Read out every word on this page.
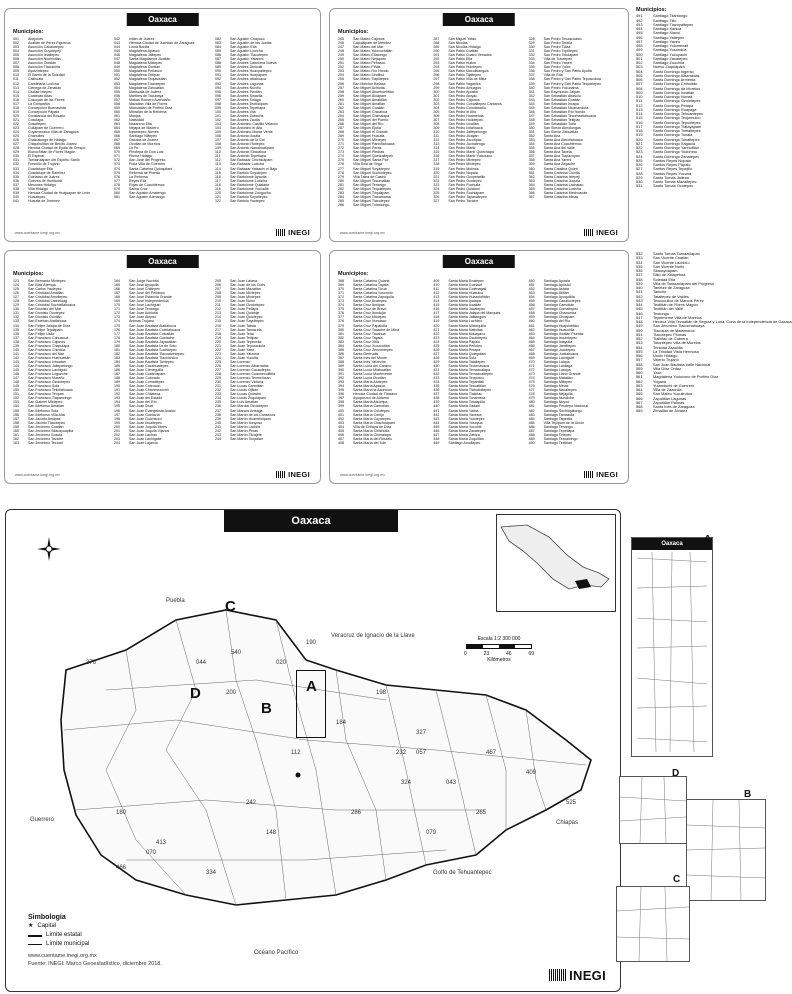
Oaxaca
Municipios:
001	Abejones
002	Acatlán de Pérez Figueroa
003	Asunción Cacalotepec
004	Asunción Cuyotepeji
005	Asunción Ixtaltepec
006	Asunción Nochixtlán
007	Asunción Ocotlán
008	Asunción Tlacolulita
009	Ayotzintepec
010	El Barrio de la Soledad
011	Calihualá
012	Candelaria Loxicha
013	Ciénega de Zimatlán
014	Ciudad Ixtepec
015	Coatecas Altas
016	Coicoyán de las Flores
017	La Compañía
018	Concepción Buenavista
019	Concepción Pápalo
020	Constancia del Rosario
021	Cosolapa
022	Cosoltepec
023	Cuilápam de Guerrero
024	Cuyamecalco Villa de Zaragoza
025	Chahuites
026	Chalcatongo de Hidalgo
027	Chiquihuitlán de Benito Juárez
028	Heroica Ciudad de Ejutla de Crespo
029	Eloxochitlán de Flores Magón
030	El Espinal
031	Tamazulápam del Espíritu Santo
032	Fresnillo de Trujano
033	Guadalupe Etla
034	Guadalupe de Ramírez
035	Guelatao de Juárez
036	Guevea de Humboldt
037	Mesones Hidalgo
038	Villa Hidalgo
039	Heroica Ciudad de Huajuapan de León
040	Huautepec
041	Huautla de Jiménez
042	Ixtlán de Juárez
043	Heroica Ciudad de Juchitán de Zaragoza
044	Loma Bonita
045	Magdalena Apasco
046	Magdalena Jaltepec
047	Santa Magdalena Jicotlán
048	Magdalena Mixtepec
049	Magdalena Ocotlán
050	Magdalena Peñasco
051	Magdalena Teitipac
052	Magdalena Tequisistlán
053	Magdalena Tlacotepec
054	Magdalena Zahuatlán
055	Mariscala de Juárez
056	Mártires de Tacubaya
057	Matías Romero Avendaño
058	Mazatlán Villa de Flores
059	Miahuatlán de Porfirio Díaz
060	Mixistlán de la Reforma
061	Monjas
062	Natividad
063	Nazareno Etla
064	Nejapa de Madero
065	Ixpantepec Nieves
066	Santiago Niltepec
067	Oaxaca de Juárez
068	Ocotlán de Morelos
069	La Pe
070	Pinotepa de Don Luis
071	Pluma Hidalgo
072	San José del Progreso
073	Putla Villa de Guerrero
074	Santa Catarina Quioquitani
075	Reforma de Pineda
076	La Reforma
077	Reyes Etla
078	Rojas de Cuauhtémoc
079	Salina Cruz
080	San Agustín Amatengo
081	San Agustín Atenango
082	San Agustín Chayuco
083	San Agustín de las Juntas
084	San Agustín Etla
085	San Agustín Loxicha
086	San Agustín Tlacotepec
087	San Agustín Yatareni
088	San Andrés Cabecera Nueva
089	San Andrés Dinicuiti
090	San Andrés Huaxpaltepec
091	San Andrés Huayápam
092	San Andrés Ixtlahuaca
093	San Andrés Lagunas
094	San Andrés Nuxiño
095	San Andrés Paxtlán
096	San Andrés Sinaxtla
097	San Andrés Solaga
098	San Andrés Teotilálpam
099	San Andrés Tepetlapa
100	San Andrés Yaá
101	San Andrés Zabache
102	San Andrés Zautla
103	San Antonino Castillo Velasco
104	San Antonino el Alto
105	San Antonino Monte Verde
106	San Antonio Acutla
107	San Antonio de la Cal
108	San Antonio Huitepec
109	San Antonio Nanahuatípam
110	San Antonio Sinicahua
111	San Antonio Tepetlapa
112	San Baltazar Chichicápam
113	San Baltazar Loxicha
114	San Baltazar Yatzachi el Bajo
115	San Bartolo Coyotepec
116	San Bartolomé Ayautla
117	San Bartolomé Loxicha
118	San Bartolomé Quialana
119	San Bartolomé Yucuañe
120	San Bartolomé Zoogocho
121	San Bartolo Soyaltepec
122	San Bartolo Yautepec
www.cuentame.inegi.org.mx	INEGI
Oaxaca
Municipios:
245	San Mateo Cajonos
246	Capulálpam de Méndez
247	San Mateo del Mar
248	San Mateo Yoloxochitlán
249	San Mateo Etlatongo
250	San Mateo Nejápam
251	San Mateo Peñasco
252	San Mateo Piñas
253	San Mateo Río Hondo
254	San Mateo Sindihui
255	San Mateo Tlapiltepec
256	San Melchor Betaza
257	San Miguel Achiutla
258	San Miguel Ahuehuetitlán
259	San Miguel Aloápam
260	San Miguel Amatitlán
261	San Miguel Amatlán
262	San Miguel Coatlán
263	San Miguel Chicahua
264	San Miguel Chimalapa
265	San Miguel del Puerto
266	San Miguel del Río
267	San Miguel Ejutla
268	San Miguel el Grande
269	San Miguel Huautla
270	San Miguel Mixtepec
271	San Miguel Panixtlahuaca
272	San Miguel Peras
273	San Miguel Piedras
274	San Miguel Quetzaltepec
275	San Miguel Santa Flor
276	Villa Sola de Vega
277	San Miguel Soyaltepec
278	San Miguel Suchixtepec
279	Villa Talea de Castro
280	San Miguel Tecomatlán
281	San Miguel Tenango
282	San Miguel Tequixtepec
283	San Miguel Tilquiápam
284	San Miguel Tlacamama
285	San Miguel Tlacotepec
286	San Miguel Tulancingo
287	San Miguel Yotao
288	San Nicolás
289	San Nicolás Hidalgo
290	San Pablo Coatlán
291	San Pablo Cuatro Venados
292	San Pablo Etla
293	San Pablo Huitzo
294	San Pablo Huixtepec
295	San Pablo Macuiltianguis
296	San Pablo Tijaltepec
297	San Pablo Villa de Mitla
298	San Pablo Yaganiza
299	San Pedro Amuzgos
300	San Pedro Apóstol
301	San Pedro Atoyac
302	San Pedro Cajonos
303	San Pedro Coxcaltepec Cántaros
304	San Pedro Comitancillo
305	San Pedro el Alto
306	San Pedro Huamelula
307	San Pedro Huilotepec
308	San Pedro Ixcatlán
309	San Pedro Ixtlahuaca
310	San Pedro Jaltepetongo
311	San Pedro Jicayán
312	San Pedro Jocotipac
313	San Pedro Juchatengo
314	San Pedro Mártir
315	San Pedro Mártir Quiechapa
316	San Pedro Mártir Yucuxaco
317	San Pedro Mixtepec
318	San Pedro Mixtepec
319	San Pedro Molinos
320	San Pedro Nopala
321	San Pedro Ocopetatillo
322	San Pedro Ocotepec
323	San Pedro Pochutla
324	San Pedro Quiatoni
325	San Pedro Sochiápam
326	San Pedro Tapanatepec
327	San Pedro Taviche
328	San Pedro Teozacoalco
329	San Pedro Teutila
330	San Pedro Tidaá
331	San Pedro Topiltepec
332	San Pedro Totolápam
333	Villa de Tututepec
334	San Pedro Yaneri
335	San Pedro Yólox
336	San Pedro y San Pablo Ayutla
337	Villa de Etla
338	San Pedro y San Pablo Teposcolula
339	San Pedro y San Pablo Tequixtepec
340	San Pedro Yucunama
341	San Raymundo Jalpan
342	San Sebastián Abasolo
343	San Sebastián Coatlán
344	San Sebastián Ixcapa
345	San Sebastián Nicananduta
346	San Sebastián Río Hondo
347	San Sebastián Tecomaxtlahuaca
348	San Sebastián Teitipac
349	San Sebastián Tutla
350	San Simón Almolongas
351	San Simón Zahuatlán
352	Santa Ana
353	Santa Ana Ateixtlahuaca
354	Santa Ana Cuauhtémoc
355	Santa Ana del Valle
356	Santa Ana Tavela
357	Santa Ana Tlapacoyan
358	Santa Ana Yareni
359	Santa Ana Zegache
360	Santa Catalina Quierí
361	Santa Catarina Cuixtla
362	Santa Catarina Ixtepeji
363	Santa Catarina Juquila
364	Santa Catarina Lachatao
365	Santa Catarina Loxicha
366	Santa Catarina Mechoacán
367	Santa Catarina Minas
www.cuentame.inegi.org.mx	INEGI
Oaxaca
Municipios:
123	San Bernardo Mixtepec
124	San Blas Atempa
125	San Carlos Yautepec
126	San Cristóbal Amatlán
127	San Cristóbal Amoltepec
128	San Cristóbal Lachirioag
129	San Cristóbal Suchixtlahuaca
130	San Dionisio del Mar
131	San Dionisio Ocotepec
132	San Dionisio Ocotlán
133	San Esteban Atatlahuca
134	San Felipe Jalapa de Díaz
135	San Felipe Tejalápam
136	San Felipe Usila
137	San Francisco Cahuacuá
138	San Francisco Cajonos
139	San Francisco Chapulapa
140	San Francisco Chindúa
141	San Francisco del Mar
142	San Francisco Huehuetlán
143	San Francisco Ixhuatán
144	San Francisco Jaltepetongo
145	San Francisco Lachigoló
146	San Francisco Logueche
147	San Francisco Nuxaño
148	San Francisco Ozolotepec
149	San Francisco Sola
150	San Francisco Telixtlahuaca
151	San Francisco Teopan
152	San Francisco Tlapancingo
153	San Gabriel Mixtepec
154	San Ildefonso Amatlán
155	San Ildefonso Sola
156	San Ildefonso Villa Alta
157	San Jacinto Amilpas
158	San Jacinto Tlacotepec
159	San Jerónimo Coatlán
160	San Jerónimo Silacayoapilla
161	San Jerónimo Sosola
162	San Jerónimo Taviche
163	San Jerónimo Tecóatl
164	San Jorge Nuchita
165	San José Ayuquila
166	San José Chiltepec
167	San José del Peñasco
168	San José Estancia Grande
169	San José Independencia
170	San José Lachiguiri
171	San José Tenango
172	San Juan Achiutla
173	San Juan Atepec
174	Ánimas Trujano
175	San Juan Bautista Atatlahuca
176	San Juan Bautista Coixtlahuaca
177	San Juan Bautista Cuicatlán
178	San Juan Bautista Guelache
179	San Juan Bautista Jayacatlán
180	San Juan Bautista Lo de Soto
181	San Juan Bautista Suchitepec
182	San Juan Bautista Tlacoatzintepec
183	San Juan Bautista Tlachichilco
184	San Juan Bautista Tuxtepec
185	San Juan Cacahuatepec
186	San Juan Cieneguilla
187	San Juan Coatzóspam
188	San Juan Colorado
189	San Juan Comaltepec
190	San Juan Cotzocón
191	San Juan Chicomezúchil
192	San Juan Chilateca
193	San Juan del Estado
194	San Juan del Río
195	San Juan Diuxi
196	San Juan Evangelista Analco
197	San Juan Guelavía
198	San Juan Guichicovi
199	San Juan Ihualtepec
200	San Juan Juquila Mixes
201	San Juan Juquila Vijanos
202	San Juan Lachao
203	San Juan Lachigalla
204	San Juan Lajarcia
205	San Juan Lalana
206	San Juan de los Cués
207	San Juan Mazatlán
208	San Juan Mixtepec
209	San Juan Mixtepec
210	San Juan Ñumí
211	San Juan Ozolotepec
212	San Juan Petlapa
213	San Juan Quiahije
214	San Juan Quiotepec
215	San Juan Sayultepec
216	San Juan Tabaá
217	San Juan Tamazola
218	San Juan Teita
219	San Juan Teitipac
220	San Juan Tepeuxila
221	San Juan Teposcolula
222	San Juan Yaeé
223	San Juan Yatzona
224	San Juan Yucuita
225	San Lorenzo
226	San Lorenzo Albarradas
227	San Lorenzo Cacaotepec
228	San Lorenzo Cuaunecuiltitla
229	San Lorenzo Texmelúcan
230	San Lorenzo Victoria
231	San Lucas Camotlán
232	San Lucas Ojitlán
233	San Lucas Quiaviní
234	San Lucas Zoquiápam
235	San Luis Amatlán
236	San Marcial Ozolotepec
237	San Marcos Arteaga
238	San Martín de los Cansecos
239	San Martín Huamelúlpam
240	San Martín Itunyoso
241	San Martín Lachilá
242	San Martín Peras
243	San Martín Tilcajete
244	San Martín Toxpalan
www.cuentame.inegi.org.mx	INEGI
Oaxaca
Municipios:
368	Santa Catarina Quiané
369	Santa Catarina Tayata
370	Santa Catarina Ticuá
371	Santa Catarina Yosonotú
372	Santa Catarina Zapoquila
373	Santa Cruz Acatepec
374	Santa Cruz Amilpas
375	Santa Cruz de Bravo
376	Santa Cruz Itundujia
377	Santa Cruz Mixtepec
378	Santa Cruz Nundaco
379	Santa Cruz Papalutla
380	Santa Cruz Tacache de Mina
381	Santa Cruz Tacahua
382	Santa Cruz Tayata
383	Santa Cruz Xitla
384	Santa Cruz Xoxocotlán
385	Santa Cruz Zenzontepec
386	Santa Gertrudis
387	Santa Inés del Monte
388	Santa Inés Yatzeche
389	Santa Lucía del Camino
390	Santa Lucía Miahuatlán
391	Santa Lucía Monteverde
392	Santa Lucía Ocotlán
393	Santa María Alotepec
394	Santa María Apazco
395	Santa María la Asunción
396	Heroica Ciudad de Tlaxiaco
397	Ayoquezco de Aldama
398	Santa María Atzompa
399	Santa María Camotlán
400	Santa María Colotepec
401	Santa María Cortijo
402	Santa María Coyotepec
403	Santa María Chachoápam
404	Villa de Chilapa de Díaz
405	Santa María Chilchotla
406	Santa María Chimalapa
407	Santa María del Rosario
408	Santa María del Tule
409	Santa María Ecatepec
410	Santa María Guelacé
411	Santa María Guienagati
412	Santa María Huatulco
413	Santa María Huazolotitlán
414	Santa María Ipalapa
415	Santa María Ixcatlán
416	Santa María Jacatepec
417	Santa María Jalapa del Marqués
418	Santa María Jaltianguis
419	Santa María Lachixío
420	Santa María Mixtequilla
421	Santa María Nativitas
422	Santa María Nduayaco
423	Santa María Ozolotepec
424	Santa María Pápalo
425	Santa María Peñoles
426	Santa María Petapa
427	Santa María Quiegolani
428	Santa María Sola
429	Santa María Tataltepec
430	Santa María Tecomavaca
431	Santa María Temaxcalapa
432	Santa María Temaxcaltepec
433	Santa María Teopoxco
434	Santa María Tepantlali
435	Santa María Texcatitlán
436	Santa María Tlahuitoltepec
437	Santa María Tlalixtac
438	Santa María Tonameca
439	Santa María Totolapilla
440	Santa María Xadani
441	Santa María Yalina
442	Santa María Yavesía
443	Santa María Yolotepec
444	Santa María Yosoyúa
445	Santa María Yucuhiti
446	Santa María Zacatepec
447	Santa María Zaniza
448	Santa María Zoquitlán
449	Santiago Amoltepec
450	Santiago Apoala
451	Santiago Apóstol
452	Santiago Astata
453	Santiago Atitlán
454	Santiago Ayuquililla
455	Santiago Cacaloxtepec
456	Santiago Camotlán
457	Santiago Comaltepec
458	Santiago Chazumba
459	Santiago Choápam
460	Santiago del Río
461	Santiago Huajolotitlán
462	Santiago Huauclilla
463	Santiago Ihuitlán Plumas
464	Santiago Ixcuintepec
465	Santiago Ixtayutla
466	Santiago Jamiltepec
467	Santiago Jocotepec
468	Santiago Juxtlahuaca
469	Santiago Lachiguiri
470	Santiago Lalopa
471	Santiago Laollaga
472	Santiago Laxopa
473	Santiago Llano Grande
474	Santiago Matatlán
475	Santiago Miltepec
476	Santiago Minas
477	Santiago Nacaltepec
478	Santiago Nejapilla
479	Santiago Nundiche
480	Santiago Nuyoó
481	Santiago Pinotepa Nacional
482	Santiago Suchilquitongo
483	Santiago Tamazola
484	Santiago Tapextla
485	Villa Tejúpam de la Unión
486	Santiago Tenango
487	Santiago Tepetlapa
488	Santiago Tetepec
489	Santiago Texcalcingo
490	Santiago Textitlán
www.cuentame.inegi.org.mx	INEGI
Municipios:
491	Santiago Tilantongo
492	Santiago Tillo
493	Santiago Tlazoyaltepec
494	Santiago Xanica
495	Santiago Xiacuí
496	Santiago Yaitepec
497	Santiago Yaveo
498	Santiago Yolomécatl
499	Santiago Yosondúa
500	Santiago Yucuyachi
501	Santiago Zacatepec
502	Santiago Zoochila
503	Nuevo Zoquiápam
504	Santo Domingo Ingenio
505	Santo Domingo Albarradas
506	Santo Domingo Armenta
507	Santo Domingo Chihuitán
508	Santo Domingo de Morelos
509	Santo Domingo Ixcatlán
510	Santo Domingo Nuxaá
511	Santo Domingo Ozolotepec
512	Santo Domingo Petapa
513	Santo Domingo Roayaga
514	Santo Domingo Tehuantepec
515	Santo Domingo Teojomulco
516	Santo Domingo Tepuxtepec
517	Santo Domingo Tlatayápam
518	Santo Domingo Tomaltepec
519	Santo Domingo Tonalá
520	Santo Domingo Tonaltepec
521	Santo Domingo Xagacía
522	Santo Domingo Yanhuitlán
523	Santo Domingo Yodohino
524	Santo Domingo Zanatepec
525	Santos Reyes Nopala
526	Santos Reyes Pápalo
527	Santos Reyes Tepejillo
528	Santos Reyes Yucuná
529	Santo Tomás Jalieza
530	Santo Tomás Mazaltepec
531	Santo Tomás Ocotepec
532	Santo Tomás Tamazulapan
533	San Vicente Coatlán
534	San Vicente Lachixío
535	San Vicente Nuñú
536	Silacayoápam
537	Sitio de Xitlapehua
538	Soledad Etla
539	Villa de Tamazulápam del Progreso
540	Tanetze de Zaragoza
541	Taniche
542	Tataltepec de Valdés
543	Teococuilco de Marcos Pérez
544	Teotitlán de Flores Magón
545	Teotitlán del Valle
546	Teotongo
547	Tepelmeme Villa de Morelos
548	Heroica Villa Tezoatlán de Segura y Luna, Cuna de la Independencia de Oaxaca
549	San Jerónimo Tlacochahuaya
550	Tlacolula de Matamoros
551	Tlacotepec Plumas
552	Tlalixtac de Cabrera
553	Totontepec Villa de Morelos
554	Trinidad Zaachila
555	La Trinidad Vista Hermosa
556	Unión Hidalgo
557	Valerio Trujano
558	San Juan Bautista Valle Nacional
559	Villa Díaz Ordaz
560	Yaxe
561	Magdalena Yodocono de Porfirio Díaz
562	Yogana
563	Yutanduchi de Guerrero
564	Villa de Zaachila
565	San Mateo Yucutindoo
566	Zapotitlán Lagunas
567	Zapotitlán Palmas
568	Santa Inés de Zaragoza
569	Zimatlán de Álvarez
Oaxaca
Puebla
Veracruz de Ignacio de la Llave
Guerrero	Chiapas
Golfo de Tehuantepec
Océano Pacífico
C
D
B
A
467
327
198
190
265
525
057
079
324
112
044
184
232
043
409
286
070
180
334
466
413
148
020
540
376
242
200
Escala 1:2 300 000
0	23	46	69
Kilómetros
Simbología
★ Capital
Límite estatal
Límite municipal
www.cuentame.inegi.org.mx
Fuente: INEGI. Marco Geoestadístico, diciembre 2018.
INEGI
Oaxaca	A
D
B
C
